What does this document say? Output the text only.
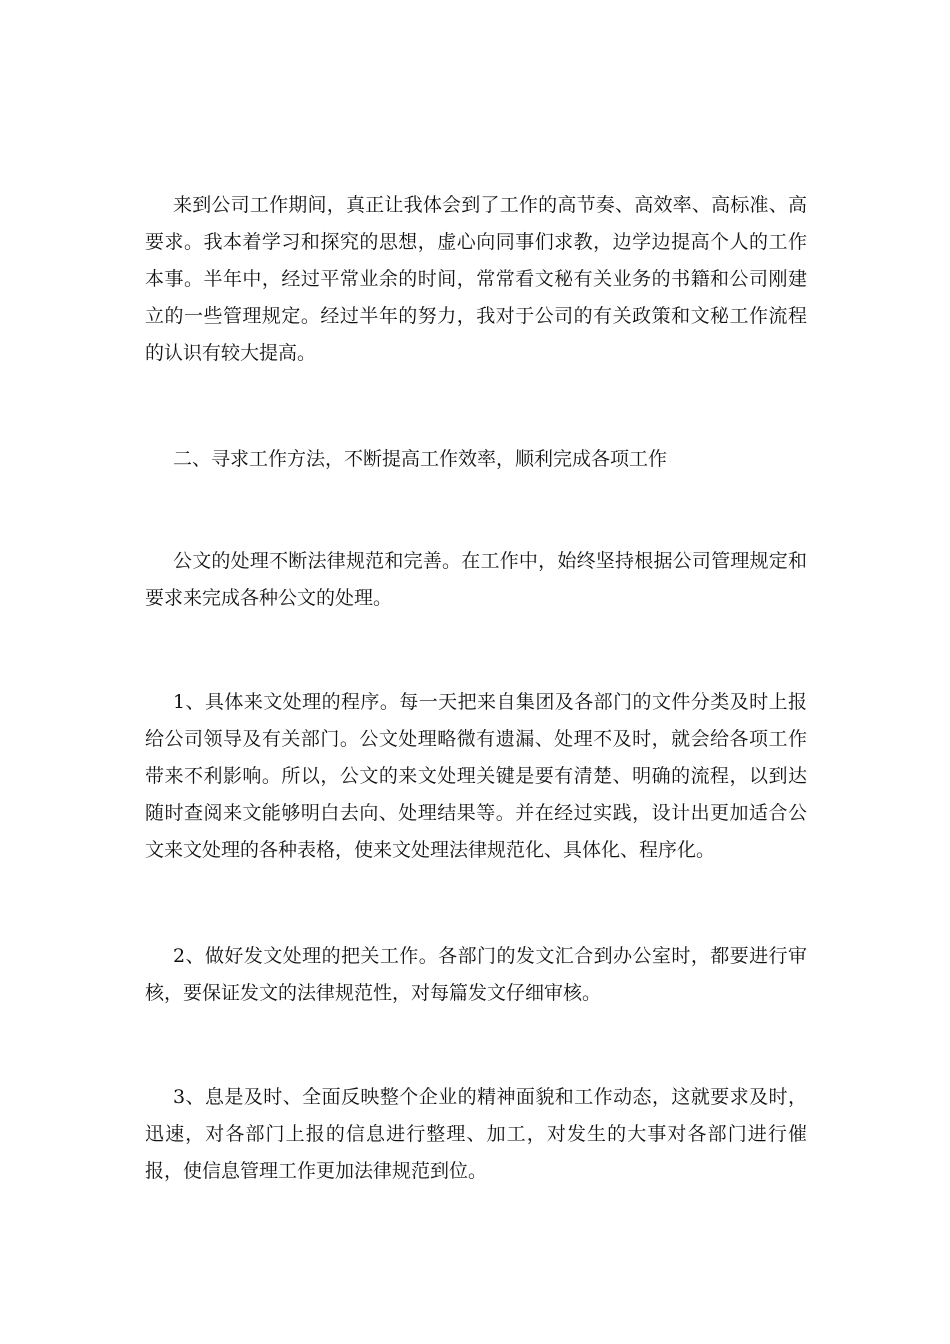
来到公司工作期间，真正让我体会到了工作的高节奏、高效率、高标准、高要求。我本着学习和探究的思想，虚心向同事们求教，边学边提高个人的工作本事。半年中，经过平常业余的时间，常常看文秘有关业务的书籍和公司刚建立的一些管理规定。经过半年的努力，我对于公司的有关政策和文秘工作流程的认识有较大提高。

二、寻求工作方法，不断提高工作效率，顺利完成各项工作

公文的处理不断法律规范和完善。在工作中，始终坚持根据公司管理规定和要求来完成各种公文的处理。

1、具体来文处理的程序。每一天把来自集团及各部门的文件分类及时上报给公司领导及有关部门。公文处理略微有遗漏、处理不及时，就会给各项工作带来不利影响。所以，公文的来文处理关键是要有清楚、明确的流程，以到达随时查阅来文能够明白去向、处理结果等。并在经过实践，设计出更加适合公文来文处理的各种表格，使来文处理法律规范化、具体化、程序化。

2、做好发文处理的把关工作。各部门的发文汇合到办公室时，都要进行审核，要保证发文的法律规范性，对每篇发文仔细审核。

3、息是及时、全面反映整个企业的精神面貌和工作动态，这就要求及时，迅速，对各部门上报的信息进行整理、加工，对发生的大事对各部门进行催报，使信息管理工作更加法律规范到位。
